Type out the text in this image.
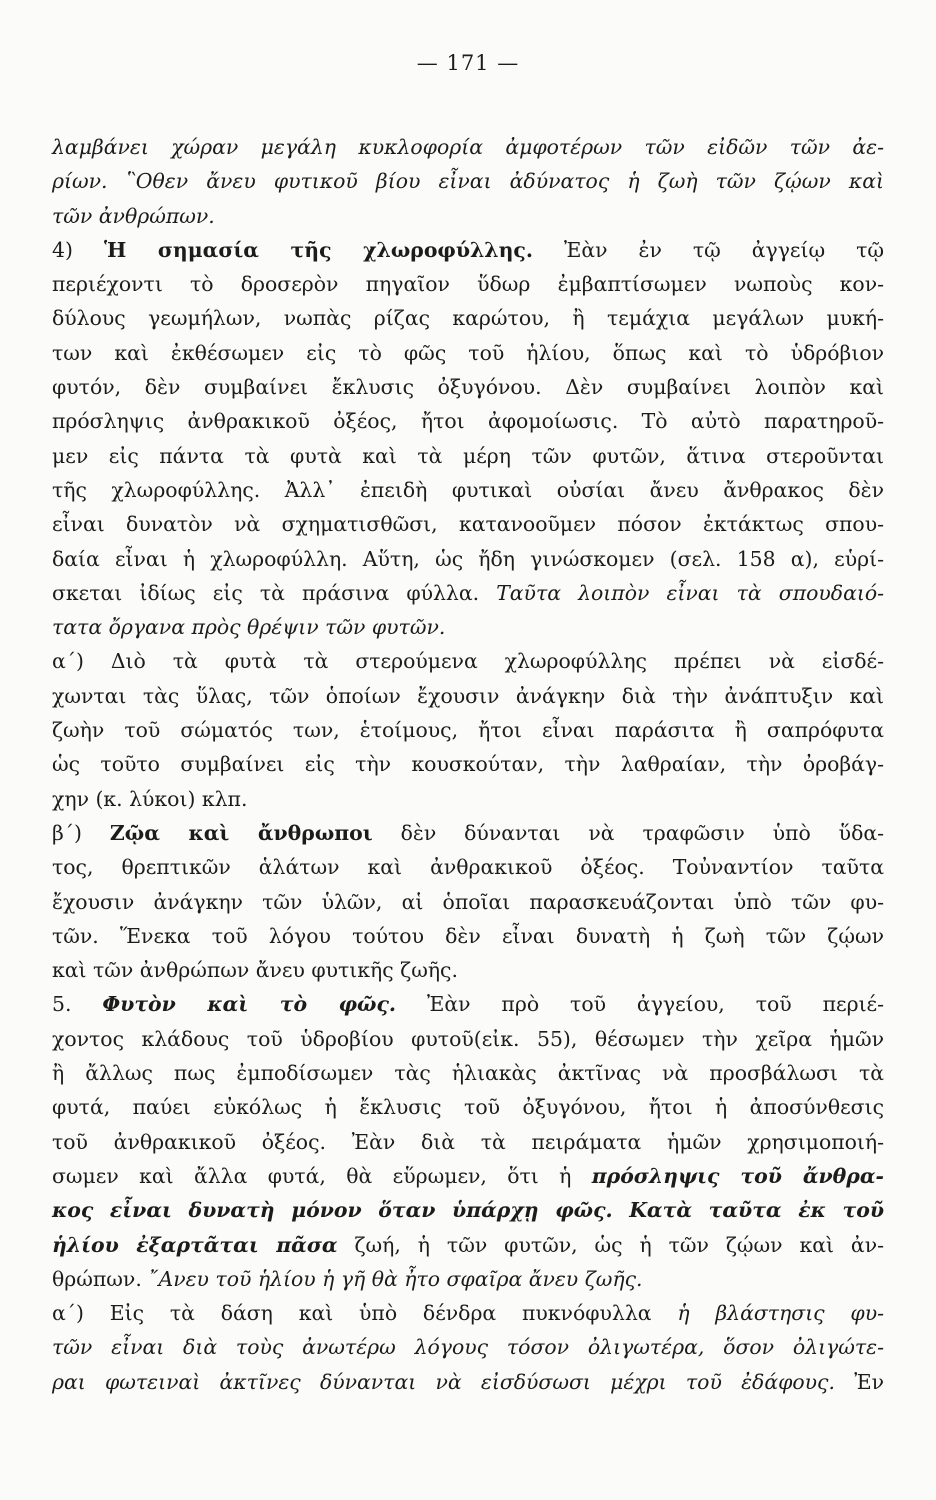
— 171 —
λαμβάνει χώραν μεγάλη κυκλοφορία ἀμφοτέρων τῶν εἰδῶν τῶν ἀε-
ρίων. ῝Οθεν ἄνευ φυτικοῦ βίου εἶναι ἀδύνατος ἡ ζωὴ τῶν ζῴων καὶ
τῶν ἀνθρώπων.
4) Ἡ σημασία τῆς χλωροφύλλης. Ἐὰν ἐν τῷ ἀγγείῳ τῷ
περιέχοντι τὸ δροσερὸν πηγαῖον ὕδωρ ἐμβαπτίσωμεν νωποὺς κον-
δύλους γεωμήλων, νωπὰς ρίζας καρώτου, ἢ τεμάχια μεγάλων μυκή-
των καὶ ἐκθέσωμεν εἰς τὸ φῶς τοῦ ἡλίου, ὅπως καὶ τὸ ὑδρόβιον
φυτόν, δὲν συμβαίνει ἔκλυσις ὀξυγόνου. Δὲν συμβαίνει λοιπὸν καὶ
πρόσληψις ἀνθρακικοῦ ὀξέος, ἤτοι ἀφομοίωσις. Τὸ αὐτὸ παρατηροῦ-
μεν εἰς πάντα τὰ φυτὰ καὶ τὰ μέρη τῶν φυτῶν, ἅτινα στεροῦνται
τῆς χλωροφύλλης. Ἀλλ᾽ ἐπειδὴ φυτικαὶ οὐσίαι ἄνευ ἄνθρακος δὲν
εἶναι δυνατὸν νὰ σχηματισθῶσι, κατανοοῦμεν πόσον ἐκτάκτως σπου-
δαία εἶναι ἡ χλωροφύλλη. Αὕτη, ὡς ἤδη γινώσκομεν (σελ. 158 α), εὑρί-
σκεται ἰδίως εἰς τὰ πράσινα φύλλα. Ταῦτα λοιπὸν εἶναι τὰ σπουδαιό-
τατα ὄργανα πρὸς θρέψιν τῶν φυτῶν.
α΄) Διὸ τὰ φυτὰ τὰ στερούμενα χλωροφύλλης πρέπει νὰ εἰσδέ-
χωνται τὰς ὕλας, τῶν ὁποίων ἔχουσιν ἀνάγκην διὰ τὴν ἀνάπτυξιν καὶ
ζωὴν τοῦ σώματός των, ἑτοίμους, ἤτοι εἶναι παράσιτα ἢ σαπρόφυτα
ὡς τοῦτο συμβαίνει εἰς τὴν κουσκούταν, τὴν λαθραίαν, τὴν ὀροβάγ-
χην (κ. λύκοι) κλπ.
β΄) Ζῷα καὶ ἄνθρωποι δὲν δύνανται νὰ τραφῶσιν ὑπὸ ὕδα-
τος, θρεπτικῶν ἁλάτων καὶ ἀνθρακικοῦ ὀξέος. Τοὐναντίον ταῦτα
ἔχουσιν ἀνάγκην τῶν ὑλῶν, αἱ ὁποῖαι παρασκευάζονται ὑπὸ τῶν φυ-
τῶν. Ἕνεκα τοῦ λόγου τούτου δὲν εἶναι δυνατὴ ἡ ζωὴ τῶν ζῴων
καὶ τῶν ἀνθρώπων ἄνευ φυτικῆς ζωῆς.
5. Φυτὸν καὶ τὸ φῶς. Ἐὰν πρὸ τοῦ ἀγγείου, τοῦ περιέ-
χοντος κλάδους τοῦ ὑδροβίου φυτοῦ(εἰκ. 55), θέσωμεν τὴν χεῖρα ἡμῶν
ἢ ἄλλως πως ἐμποδίσωμεν τὰς ἡλιακὰς ἀκτῖνας νὰ προσβάλωσι τὰ
φυτά, παύει εὐκόλως ἡ ἔκλυσις τοῦ ὀξυγόνου, ἤτοι ἡ ἀποσύνθεσις
τοῦ ἀνθρακικοῦ ὀξέος. Ἐὰν διὰ τὰ πειράματα ἡμῶν χρησιμοποιή-
σωμεν καὶ ἄλλα φυτά, θὰ εὕρωμεν, ὅτι ἡ πρόσληψις τοῦ ἄνθρα-
κος εἶναι δυνατὴ μόνον ὅταν ὑπάρχῃ φῶς. Κατὰ ταῦτα ἐκ τοῦ
ἡλίου ἐξαρτᾶται πᾶσα ζωή, ἡ τῶν φυτῶν, ὡς ἡ τῶν ζῴων καὶ ἀν-
θρώπων. ῎Ανευ τοῦ ἡλίου ἡ γῆ θὰ ἦτο σφαῖρα ἄνευ ζωῆς.
α΄) Εἰς τὰ δάση καὶ ὑπὸ δένδρα πυκνόφυλλα ἡ βλάστησις φυ-
τῶν εἶναι διὰ τοὺς ἀνωτέρω λόγους τόσον ὀλιγωτέρα, ὅσον ὀλιγώτε-
ραι φωτειναὶ ἀκτῖνες δύνανται νὰ εἰσδύσωσι μέχρι τοῦ ἐδάφους. Ἐν
